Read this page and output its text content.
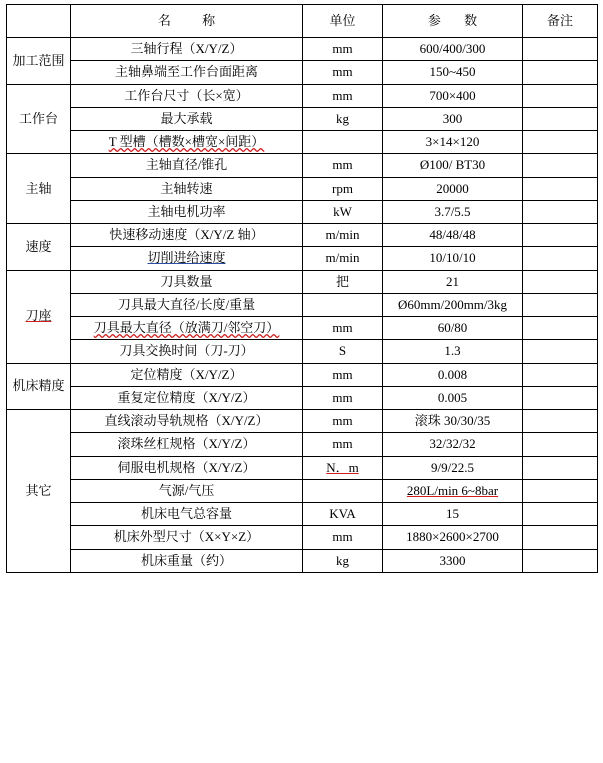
	名 称	单位	参 数	备注
加工范围	三轴行程（X/Y/Z）	mm	600/400/300	
	主轴鼻端至工作台面距离	mm	150~450	
工作台	工作台尺寸（长×宽）	mm	700×400	
	最大承载	kg	300	
	T 型槽（槽数×槽宽×间距）		3×14×120	
主轴	主轴直径/锥孔	mm	Ø100/ BT30	
	主轴转速	rpm	20000	
	主轴电机功率	kW	3.7/5.5	
速度	快速移动速度（X/Y/Z 轴）	m/min	48/48/48	
	切削进给速度	m/min	10/10/10	
刀座	刀具数量	把	21	
	刀具最大直径/长度/重量		Ø60mm/200mm/3kg	
	刀具最大直径（放满刀/邻空刀）	mm	60/80	
	刀具交换时间（刀-刀）	S	1.3	
机床精度	定位精度（X/Y/Z）	mm	0.008	
	重复定位精度（X/Y/Z）	mm	0.005	
其它	直线滚动导轨规格（X/Y/Z）	mm	滚珠 30/30/35	
	滚珠丝杠规格（X/Y/Z）	mm	32/32/32	
	伺服电机规格（X/Y/Z）	N．m	9/9/22.5	
	气源/气压		280L/min 6~8bar	
	机床电气总容量	KVA	15	
	机床外型尺寸（X×Y×Z）	mm	1880×2600×2700	
	机床重量（约）	kg	3300	
